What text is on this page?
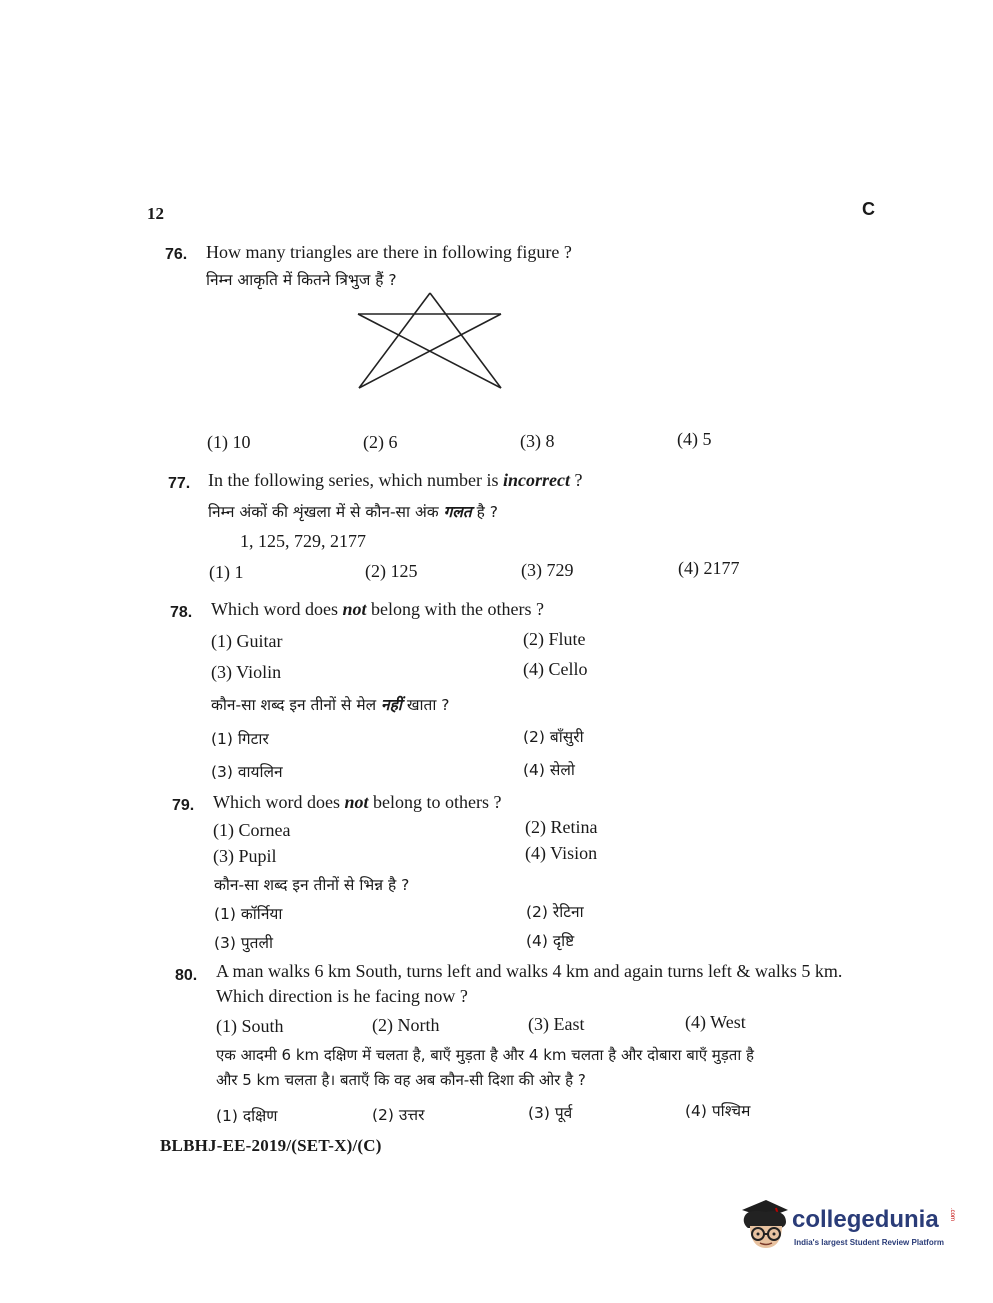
12	C
76. How many triangles are there in following figure ?
निम्न आकृति में कितने त्रिभुज हैं ?
(1) 10	(2) 6	(3) 8	(4) 5
77. In the following series, which number is incorrect ?
निम्न अंकों की शृंखला में से कौन-सा अंक गलत है ?
1, 125, 729, 2177
(1) 1	(2) 125	(3) 729	(4) 2177
78. Which word does not belong with the others ?
(1) Guitar	(2) Flute
(3) Violin	(4) Cello
कौन-सा शब्द इन तीनों से मेल नहीं खाता ?
(1) गिटार	(2) बाँसुरी
(3) वायलिन	(4) सेलो
79. Which word does not belong to others ?
(1) Cornea	(2) Retina
(3) Pupil	(4) Vision
कौन-सा शब्द इन तीनों से भिन्न है ?
(1) कॉर्निया	(2) रेटिना
(3) पुतली	(4) दृष्टि
80. A man walks 6 km South, turns left and walks 4 km and again turns left & walks 5 km.
Which direction is he facing now ?
(1) South	(2) North	(3) East	(4) West
एक आदमी 6 km दक्षिण में चलता है, बाएँ मुड़ता है और 4 km चलता है और दोबारा बाएँ मुड़ता है
और 5 km चलता है। बताएँ कि वह अब कौन-सी दिशा की ओर है ?
(1) दक्षिण	(2) उत्तर	(3) पूर्व	(4) पश्चिम
BLBHJ-EE-2019/(SET-X)/(C)
collegedunia .com
India's largest Student Review Platform
